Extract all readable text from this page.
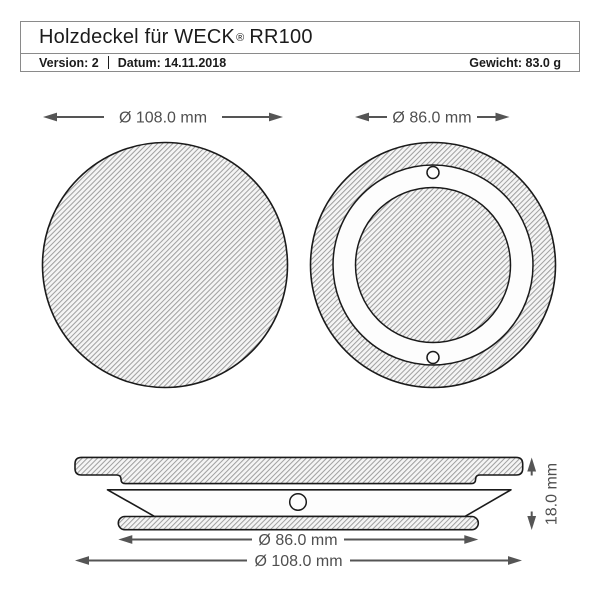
Holzdeckel für WECK ® RR100
Version: 2 Datum: 14.11.2018	Gewicht: 83.0 g
Ø 108.0 mm	Ø 86.0 mm
18.0 mm
Ø 86.0 mm
Ø 108.0 mm
